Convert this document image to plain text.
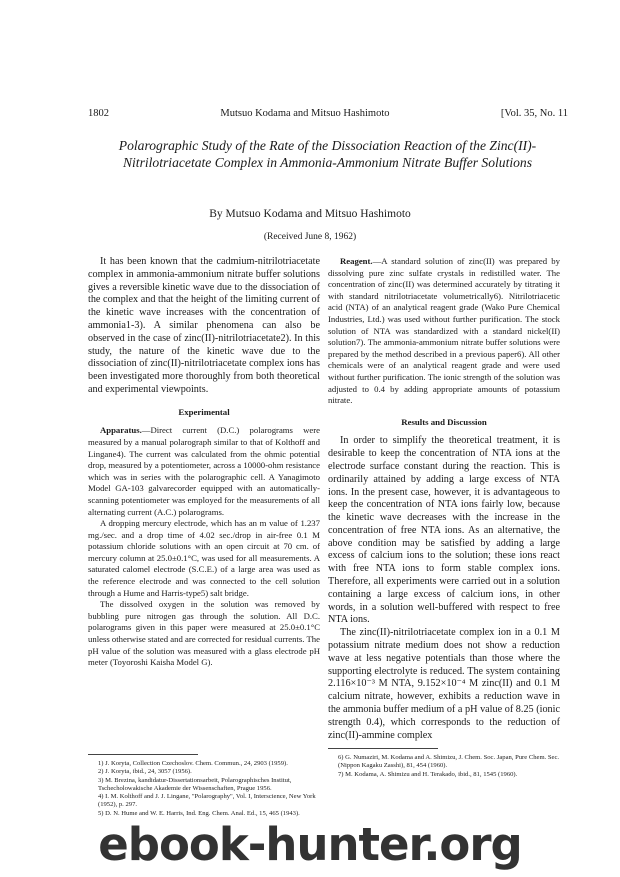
1802	Mutsuo Kodama and Mitsuo Hashimoto	[Vol. 35, No. 11
Polarographic Study of the Rate of the Dissociation Reaction of the Zinc(II)-Nitrilotriacetate Complex in Ammonia-Ammonium Nitrate Buffer Solutions
By Mutsuo Kodama and Mitsuo Hashimoto
(Received June 8, 1962)

It has been known that the cadmium-nitrilotriacetate complex in ammonia-ammonium nitrate buffer solutions gives a reversible kinetic wave due to the dissociation of the complex and that the height of the limiting current of the kinetic wave increases with the concentration of ammonia1-3). A similar phenomena can also be observed in the case of zinc(II)-nitrilotriacetate2). In this study, the nature of the kinetic wave due to the dissociation of zinc(II)-nitrilotriacetate complex ions has been investigated more thoroughly from both theoretical and experimental viewpoints.

Experimental

Apparatus.—Direct current (D.C.) polarograms were measured by a manual polarograph similar to that of Kolthoff and Lingane4). The current was calculated from the ohmic potential drop, measured by a potentiometer, across a 10000-ohm resistance which was in series with the polarographic cell. A Yanagimoto Model GA-103 galvarecorder equipped with an automatically-scanning potentiometer was employed for the measurements of all alternating current (A.C.) polarograms.

A dropping mercury electrode, which has an m value of 1.237 mg./sec. and a drop time of 4.02 sec./drop in air-free 0.1 M potassium chloride solutions with an open circuit at 70 cm. of mercury column at 25.0±0.1°C, was used for all measurements. A saturated calomel electrode (S.C.E.) of a large area was used as the reference electrode and was connected to the cell solution through a Hume and Harris-type5) salt bridge.

The dissolved oxygen in the solution was removed by bubbling pure nitrogen gas through the solution. All D.C. polarograms given in this paper were measured at 25.0±0.1°C unless otherwise stated and are corrected for residual currents. The pH value of the solution was measured with a glass electrode pH meter (Toyoroshi Kaisha Model G).

1) J. Koryta, Collection Czechoslov. Chem. Commun., 24, 2903 (1959).

2) J. Koryta, ibid., 24, 3057 (1956).

3) M. Brezina, kandidatur-Dissertationsarbeit, Polarographisches Institut, Tschecholowakische Akademie der Wissenschaften, Prague 1956.

4) I. M. Kolthoff and J. J. Lingane, "Polarography", Vol. I, Interscience, New York (1952), p. 297.

5) D. N. Hume and W. E. Harris, Ind. Eng. Chem. Anal. Ed., 15, 465 (1943).

Reagent.—A standard solution of zinc(II) was prepared by dissolving pure zinc sulfate crystals in redistilled water. The concentration of zinc(II) was determined accurately by titrating it with standard nitrilotriacetate volumetrically6). Nitrilotriacetic acid (NTA) of an analytical reagent grade (Wako Pure Chemical Industries, Ltd.) was used without further purification. The stock solution of NTA was standardized with a standard nickel(II) solution7). The ammonia-ammonium nitrate buffer solutions were prepared by the method described in a previous paper6). All other chemicals were of an analytical reagent grade and were used without further purification. The ionic strength of the solution was adjusted to 0.4 by adding appropriate amounts of potassium nitrate.

Results and Discussion

In order to simplify the theoretical treatment, it is desirable to keep the concentration of NTA ions at the electrode surface constant during the reaction. This is ordinarily attained by adding a large excess of NTA ions. In the present case, however, it is advantageous to keep the concentration of NTA ions fairly low, because the kinetic wave decreases with the increase in the concentration of free NTA ions. As an alternative, the above condition may be satisfied by adding a large excess of calcium ions to the solution; these ions react with free NTA ions to form stable complex ions. Therefore, all experiments were carried out in a solution containing a large excess of calcium ions, in other words, in a solution well-buffered with respect to free NTA ions.

The zinc(II)-nitrilotriacetate complex ion in a 0.1 M potassium nitrate medium does not show a reduction wave at less negative potentials than those where the supporting electrolyte is reduced. The system containing 2.116×10⁻³ M NTA, 9.152×10⁻⁴ M zinc(II) and 0.1 M calcium nitrate, however, exhibits a reduction wave in the ammonia buffer medium of a pH value of 8.25 (ionic strength 0.4), which corresponds to the reduction of zinc(II)-ammine complex

6) G. Numaziri, M. Kodama and A. Shimizu, J. Chem. Soc. Japan, Pure Chem. Sec. (Nippon Kagaku Zasshi), 81, 454 (1960).

7) M. Kodama, A. Shimizu and H. Terakado, ibid., 81, 1545 (1960).

ebook-hunter.org
